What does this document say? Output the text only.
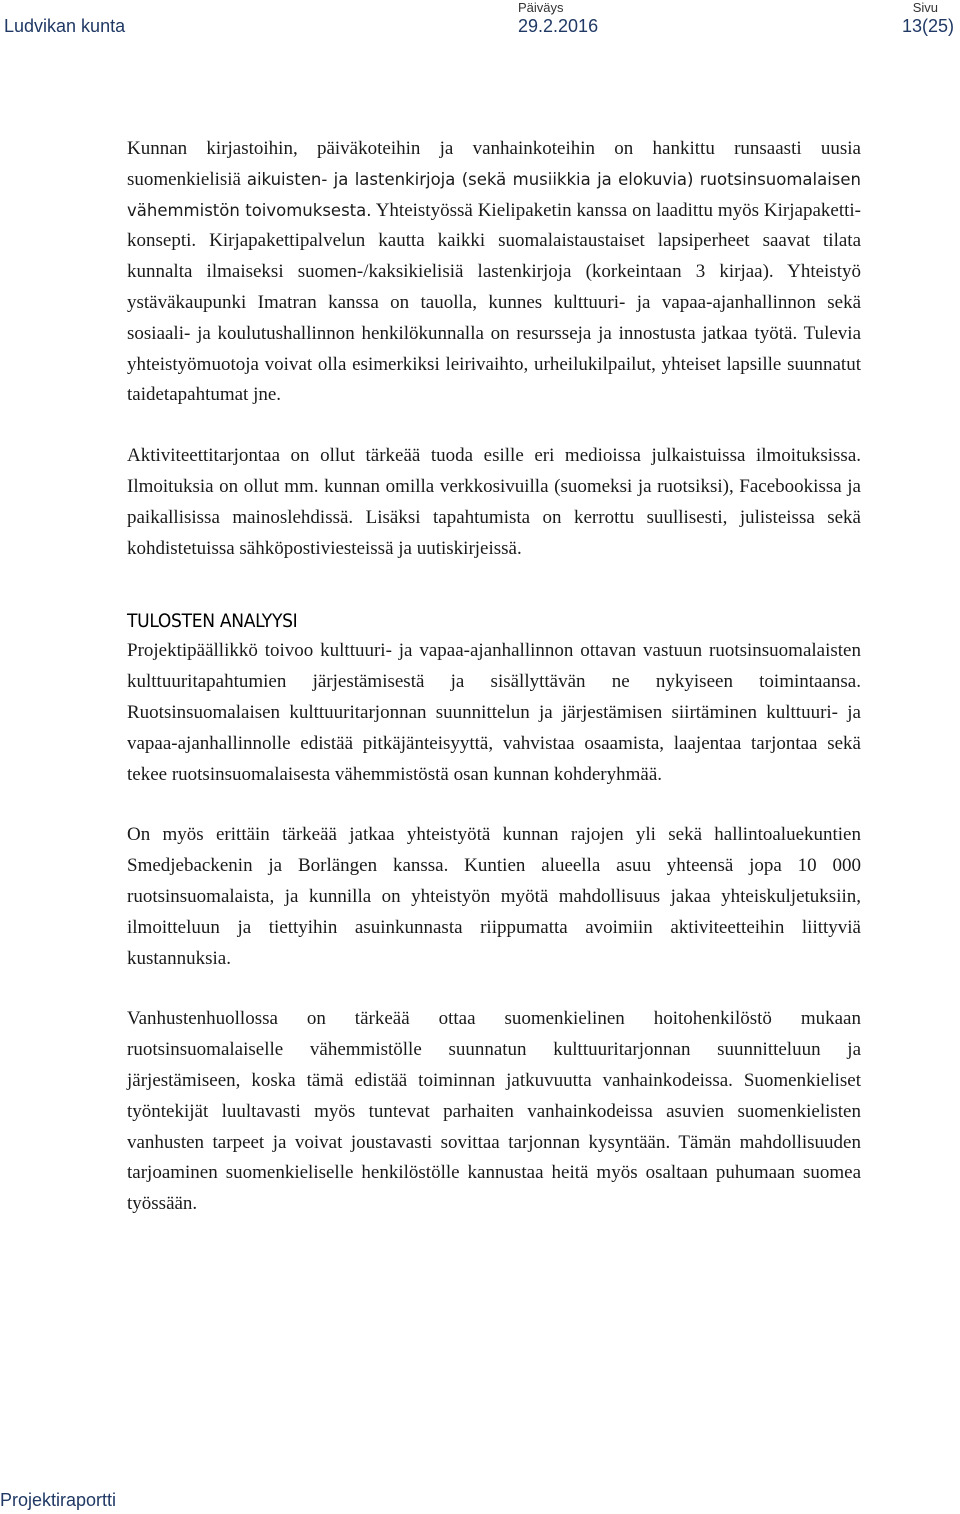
Ludvikan kunta
Päiväys
29.2.2016
Sivu
13(25)

Kunnan kirjastoihin, päiväkoteihin ja vanhainkoteihin on hankittu runsaasti uusia suomenkielisiä aikuisten- ja lastenkirjoja (sekä musiikkia ja elokuvia) ruotsinsuomalaisen vähemmistön toivomuksesta. Yhteistyössä Kielipaketin kanssa on laadittu myös Kirjapaketti-konsepti. Kirjapakettipalvelun kautta kaikki suomalaistaustaiset lapsiperheet saavat tilata kunnalta ilmaiseksi suomen-/kaksikielisiä lastenkirjoja (korkeintaan 3 kirjaa). Yhteistyö ystäväkaupunki Imatran kanssa on tauolla, kunnes kulttuuri- ja vapaa-ajanhallinnon sekä sosiaali- ja koulutushallinnon henkilökunnalla on resursseja ja innostusta jatkaa työtä. Tulevia yhteistyömuotoja voivat olla esimerkiksi leirivaihto, urheilukilpailut, yhteiset lapsille suunnatut taidetapahtumat jne.

Aktiviteettitarjontaa on ollut tärkeää tuoda esille eri medioissa julkaistuissa ilmoituksissa. Ilmoituksia on ollut mm. kunnan omilla verkkosivuilla (suomeksi ja ruotsiksi), Facebookissa ja paikallisissa mainoslehdissä. Lisäksi tapahtumista on kerrottu suullisesti, julisteissa sekä kohdistetuissa sähköpostiviesteissä ja uutiskirjeissä.

TULOSTEN ANALYYSI

Projektipäällikkö toivoo kulttuuri- ja vapaa-ajanhallinnon ottavan vastuun ruotsinsuomalaisten kulttuuritapahtumien järjestämisestä ja sisällyttävän ne nykyiseen toimintaansa. Ruotsinsuomalaisen kulttuuritarjonnan suunnittelun ja järjestämisen siirtäminen kulttuuri- ja vapaa-ajanhallinnolle edistää pitkäjänteisyyttä, vahvistaa osaamista, laajentaa tarjontaa sekä tekee ruotsinsuomalaisesta vähemmistöstä osan kunnan kohderyhmää.

On myös erittäin tärkeää jatkaa yhteistyötä kunnan rajojen yli sekä hallintoaluekuntien Smedjebackenin ja Borlängen kanssa. Kuntien alueella asuu yhteensä jopa 10 000 ruotsinsuomalaista, ja kunnilla on yhteistyön myötä mahdollisuus jakaa yhteiskuljetuksiin, ilmoitteluun ja tiettyihin asuinkunnasta riippumatta avoimiin aktiviteetteihin liittyviä kustannuksia.

Vanhustenhuollossa on tärkeää ottaa suomenkielinen hoitohenkilöstö mukaan ruotsinsuomalaiselle vähemmistölle suunnatun kulttuuritarjonnan suunnitteluun ja järjestämiseen, koska tämä edistää toiminnan jatkuvuutta vanhainkodeissa. Suomenkieliset työntekijät luultavasti myös tuntevat parhaiten vanhainkodeissa asuvien suomenkielisten vanhusten tarpeet ja voivat joustavasti sovittaa tarjonnan kysyntään. Tämän mahdollisuuden tarjoaminen suomenkieliselle henkilöstölle kannustaa heitä myös osaltaan puhumaan suomea työssään.

Projektiraportti
